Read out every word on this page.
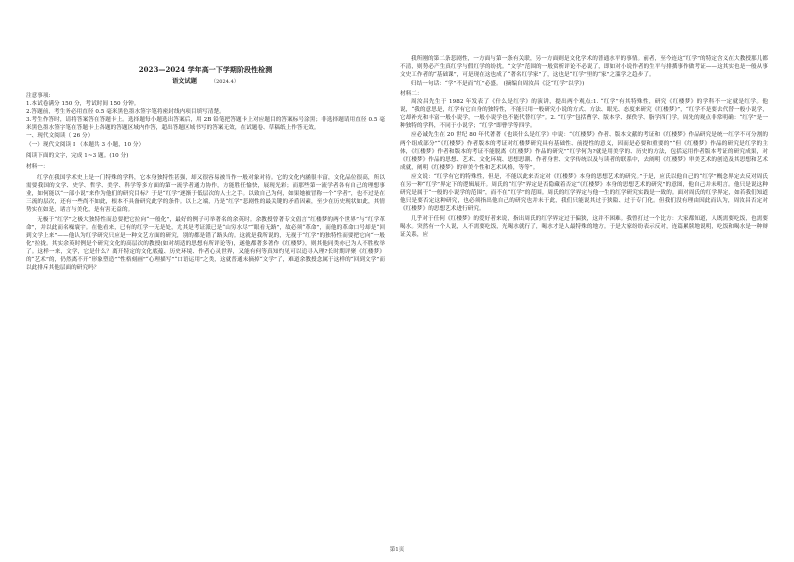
2023—2024 学年高一下学期阶段性检测
语文试题	（2024.4）
注意事项:
1.本试卷满分 150 分，考试时间 150 分钟。
2.答题前，考生务必用直径 0.5 毫米黑色墨水签字笔将密封线内项目填写清楚。
3.考生作答时，请将答案答在答题卡上。选择题每小题选出答案后，用 2B 铅笔把答题卡上对应题目的答案标号涂黑；非选择题请用直径 0.5 毫米黑色墨水签字笔在答题卡上各题的答题区域内作答，超出答题区域书写的答案无效，在试题卷、草稿纸上作答无效。
一、现代文阅读（ 26 分）
（一）现代文阅读 Ⅰ （本题共 3 小题，10 分）
阅读下面的文字，完成 1~3 题。(10 分)
材料一：

红学在我国学术史上是一门特殊的学科，它本身独特性甚强，却又很容易被当作一般对象对待。它的文化内涵很丰富，文化品位很高，所以需要我国的文学、史学、哲学、美学、科学等多方面的第一流学者通力协作，方能胜任愉快，展现光彩；而那些第一流学者各有自己的理想事业，如何能以“一部小说”来作为他们的研究目标？于是“红学”逐渐于低层次的人士之手。以致自己为何，如果她被冒称一个“学者”，也不过是在三流的层次，还有一些尚不如此，根本不具备研究此学的条件。以上之端，乃是“红学”悲剧性的最关键的矛盾因素，至少在历史现状如此，其情势实在如是，诸言与美化，是有害无益的。

无极于“红学”之极大独特性而总要把它拉向“一般化”，最好的例子可举著名的余英时。余教授曾著专文倡言“红楼梦的两个世界”与“红学革命”，并以此而名噪寰宇。在他看来，已有的红学一无是处，尤其是考证派已是“山穷水尽”“眼看无路”，故必须“革命”，而他的革命口号却是“回到文学上来”——他认为红学研究只应是一种文艺方面的研究，别的都是错了路头的。这就是我所说的，无视于“红学”的独特性而要把它向“一般化”拉拢。其实余英时例是个研究文化的高层次的教授(如对胡适的思想有所评论等)，遂他都著多著作《红楼梦》，则其他同类亦已为人不胜枚举了。这样一来，文学，它是什么？离开特定的文化底蕴、历史环境、作者心灵世界，又能有何等真知灼见可以追寻入理?长时期评聚《红楼梦》的“艺术”的，仍然离不开“形象塑造”“性格刻画”“心理描写”“口语运用”之类，这就普通未摘掉“文学”了，难道余教授念属于这样的“回到文学”而以此排斥其他层面的研究吗？

我所刚的第二条悲剧性，一方面与第一条有关联，另一方面则是文化学术的普通水平的事情。前者，至今连这“红学”的特定含义在大教授那儿都不清，则势必产生真红学与假红学的纷扰。“文学”范围的一般赏析评论不必说了，即如对小说作者的生平与排撰事作做考证——这其实也是一般从事文史工作者的“基础课”，可是现在这也成了“著名红学家”了，这也是“红学”里的“家”之滥学之趋步了。

归结一句话：“学”不是而“红”必盛。 (摘编自周汝昌《泛“红学”以学》)

材料二：

周汝昌先生于 1982 年发表了《什么是红学》的演讲，提出两个观点:1. “红学”有其特殊性，研究《红楼梦》的学科不一定就是红学。他说，“我的意思是，红学有它自身的独特性，不能只用一般研究小说的方式、方法、眼光、态度来研究《红楼梦》”，“红学不是要去代替一般小说学，它却补充和丰富一般小说学，一般小说学也不能代替红学”。2. “红学”包括曹学、版本学、探佚学、脂学四门学。周先的观点非常明确：“红学”是一种独特的学科，不同于小说学；“红学”即曹学等四学。

应必诚先生在 20 世纪 80 年代著著《也谈什么是红学》中说：“《红楼梦》作者、版本文献的考证和《红楼梦》作品研究是统一红学不可分割的两个组成部分”“《红楼梦》作者版本的考证对红楼梦研究具有基础性、前提性的意义，因而是必要和重要的”“但《红楼梦》作品的研究是红学的主体，《红楼梦》作者和版本的考证不能脱离《红楼梦》作品的研究”“红学何为?就是用美学的、历史的方法，包括运用作者版本考证的研究成果，对《红楼梦》作品的思想、艺术、文化环境、思想思潮、作者身世、文学传统以及与读者的联系中，去阐明《红楼梦》审美艺术的创造及其思想和艺术成就，阐明《红楼梦》的审美个性和艺术风格，等等”。

应文说：“红学有它的特殊性，但是，不能以此来否定对《红楼梦》本身的思想艺术的研究。”于是，应氏以他自己的“红学”概念界定去反对周氏在另一种“红学”界定下的逻辑展开。周氏的“红学”界定是否隐藏着否定“《红楼梦》本身的思想艺术的研究”的意图，他自己并未明言。他只是说这种研究是属于“一般的小说学的范围”，而不在“红学”的范围。周氏的红学界定与他一生的红学研究实践是一致的。面对周氏的红学界定，如若我们知道他只是要否定这种研究，也必须指出他自己的研究也并未于此，我们只能说其过于狭隘、过于专门化。但我们没有理由因此而认为，周汝昌否定对《红楼梦》的思想艺术进行研究。

几乎对于任何《红楼梦》的爱好者来说，指出周氏的红学界定过于偏狭，这并不困难。我曾打过一个比方：大家都知道，人既需要吃饭，也需要喝水。突然有一个人说，人不需要吃饭，光喝水就行了，喝水才是人最特殊的地方。于是大家纷纷表示反对，连篇累牍地说明，吃饭和喝水是一种辩证关系，应

第1页
